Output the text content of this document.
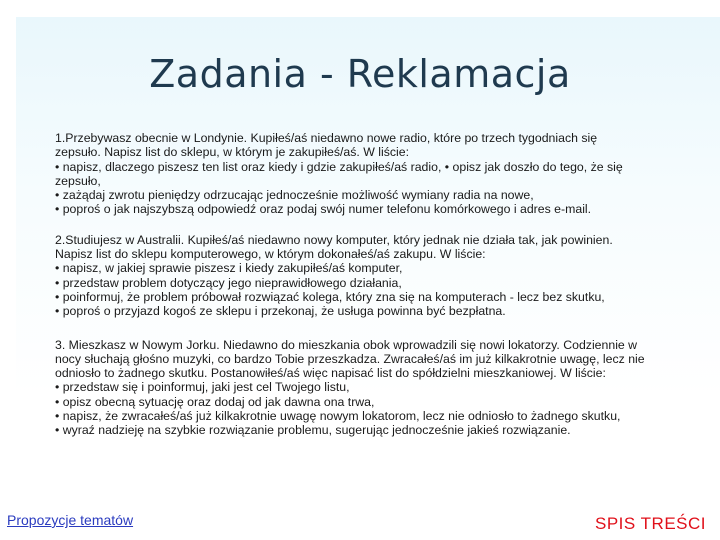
Zadania - Reklamacja

1.Przebywasz obecnie w Londynie. Kupiłeś/aś niedawno nowe radio, które po trzech tygodniach się zepsuło. Napisz list do sklepu, w którym je zakupiłeś/aś. W liście:

• napisz, dlaczego piszesz ten list oraz kiedy i gdzie zakupiłeś/aś radio, • opisz jak doszło do tego, że się zepsuło,

• zażądaj zwrotu pieniędzy odrzucając jednocześnie możliwość wymiany radia na nowe,

• poproś o jak najszybszą odpowiedź oraz podaj swój numer telefonu komórkowego i adres e-mail.

2.Studiujesz w Australii. Kupiłeś/aś niedawno nowy komputer, który jednak nie działa tak, jak powinien. Napisz list do sklepu komputerowego, w którym dokonałeś/aś zakupu. W liście:

• napisz, w jakiej sprawie piszesz i kiedy zakupiłeś/aś komputer,

• przedstaw problem dotyczący jego nieprawidłowego działania,

• poinformuj, że problem próbował rozwiązać kolega, który zna się na komputerach - lecz bez skutku,

• poproś o przyjazd kogoś ze sklepu i przekonaj, że usługa powinna być bezpłatna.

3. Mieszkasz w Nowym Jorku. Niedawno do mieszkania obok wprowadzili się nowi lokatorzy. Codziennie w nocy słuchają głośno muzyki, co bardzo Tobie przeszkadza. Zwracałeś/aś im już kilkakrotnie uwagę, lecz nie odniosło to żadnego skutku. Postanowiłeś/aś więc napisać list do spółdzielni mieszkaniowej. W liście:

• przedstaw się i poinformuj, jaki jest cel Twojego listu,

• opisz obecną sytuację oraz dodaj od jak dawna ona trwa,

• napisz, że zwracałeś/aś już kilkakrotnie uwagę nowym lokatorom, lecz nie odniosło to żadnego skutku,

• wyraź nadzieję na szybkie rozwiązanie problemu, sugerując jednocześnie jakieś rozwiązanie.

Propozycje tematów	SPIS TREŚCI
